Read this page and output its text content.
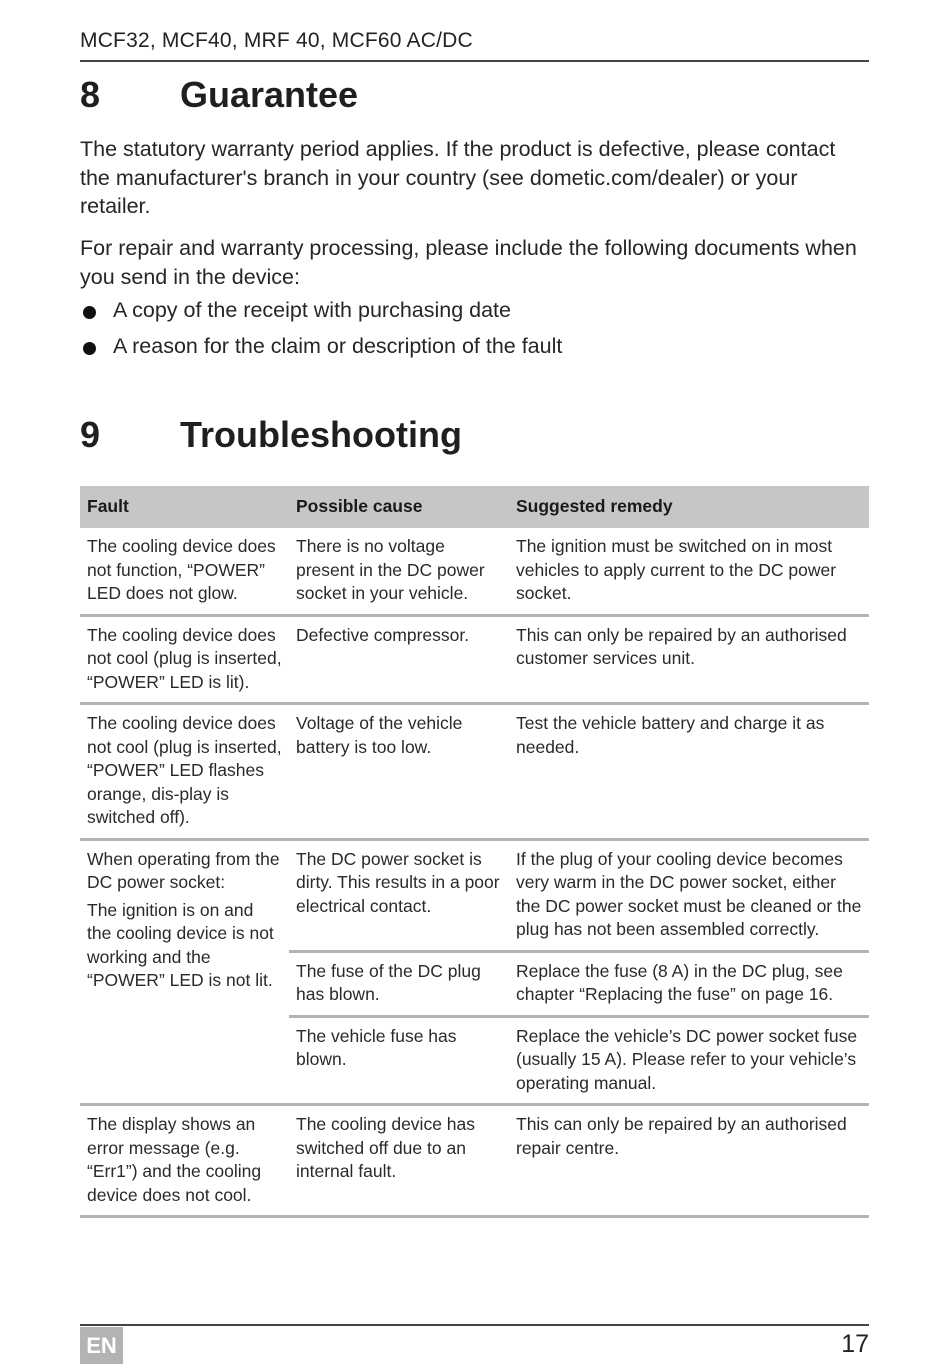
MCF32, MCF40, MRF 40, MCF60 AC/DC
8 Guarantee
The statutory warranty period applies. If the product is defective, please contact the manufacturer's branch in your country (see dometic.com/dealer) or your retailer.
For repair and warranty processing, please include the following documents when you send in the device:
A copy of the receipt with purchasing date
A reason for the claim or description of the fault
9 Troubleshooting
Fault	Possible cause	Suggested remedy
The cooling device does not function, “POWER” LED does not glow.	There is no voltage present in the DC power socket in your vehicle.	The ignition must be switched on in most vehicles to apply current to the DC power socket.
The cooling device does not cool (plug is inserted, “POWER” LED is lit).	Defective compressor.	This can only be repaired by an authorised customer services unit.
The cooling device does not cool (plug is inserted, “POWER” LED flashes orange, dis-play is switched off).	Voltage of the vehicle battery is too low.	Test the vehicle battery and charge it as needed.

When operating from the DC power socket:

The ignition is on and the cooling device is not working and the “POWER” LED is not lit.	The DC power socket is dirty. This results in a poor electrical contact.	If the plug of your cooling device becomes very warm in the DC power socket, either the DC power socket must be cleaned or the plug has not been assembled correctly.
	The fuse of the DC plug has blown.	Replace the fuse (8 A) in the DC plug, see chapter “Replacing the fuse” on page 16.
	The vehicle fuse has blown.	Replace the vehicle’s DC power socket fuse (usually 15 A). Please refer to your vehicle’s operating manual.
The display shows an error message (e.g. “Err1”) and the cooling device does not cool.	The cooling device has switched off due to an internal fault.	This can only be repaired by an authorised repair centre.
EN	17
